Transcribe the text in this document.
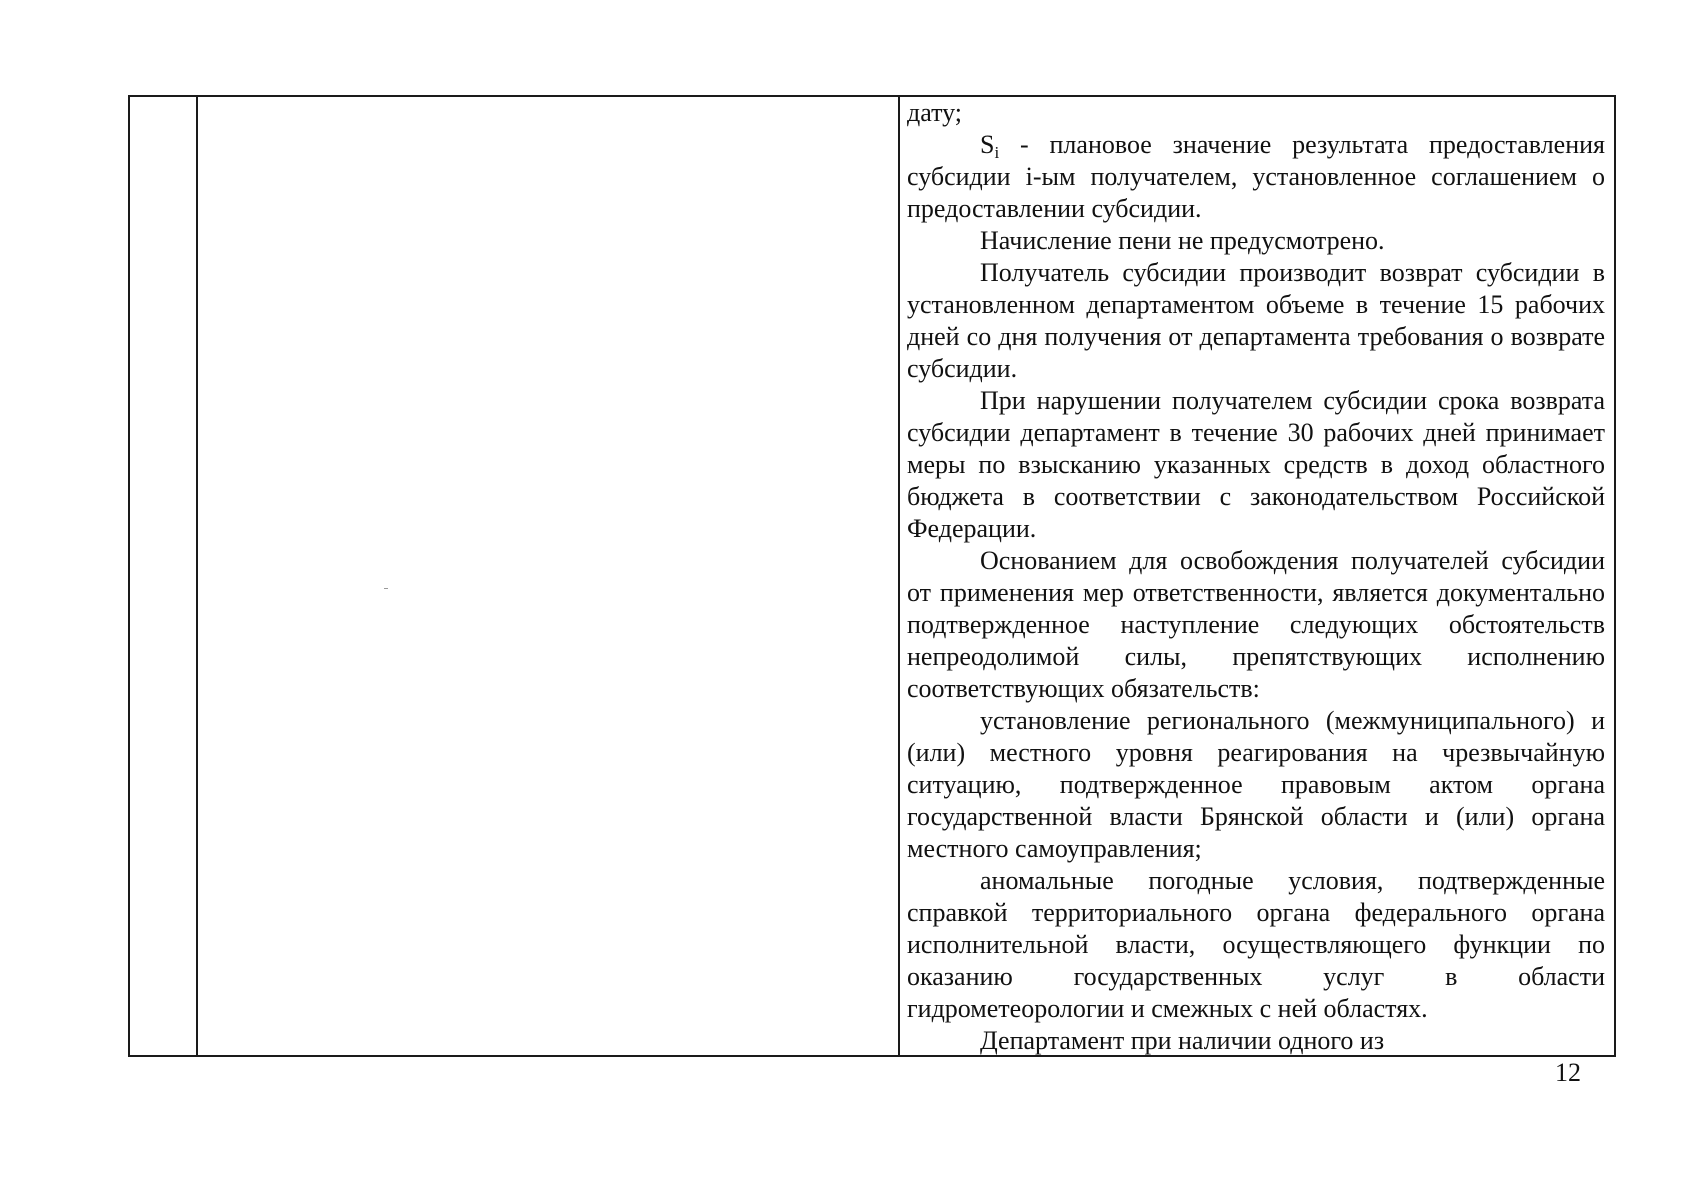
дату;

$S_i$ - плановое значение результата предоставления субсидии i-ым получателем, установленное соглашением о предоставлении субсидии.

Начисление пени не предусмотрено.

Получатель субсидии производит возврат субсидии в установленном департаментом объеме в течение 15 рабочих дней со дня получения от департамента требования о возврате субсидии.

При нарушении получателем субсидии срока возврата субсидии департамент в течение 30 рабочих дней принимает меры по взысканию указанных средств в доход областного бюджета в соответствии с законодательством Российской Федерации.

Основанием для освобождения получателей субсидии от применения мер ответственности, является документально подтвержденное наступление следующих обстоятельств непреодолимой силы, препятствующих исполнению соответствующих обязательств:

установление регионального (межмуниципального) и (или) местного уровня реагирования на чрезвычайную ситуацию, подтвержденное правовым актом органа государственной власти Брянской области и (или) органа местного самоуправления;

аномальные погодные условия, подтвержденные справкой территориального органа федерального органа исполнительной власти, осуществляющего функции по оказанию государственных услуг в области гидрометеорологии и смежных с ней областях.

Департамент при наличии одного из

12
